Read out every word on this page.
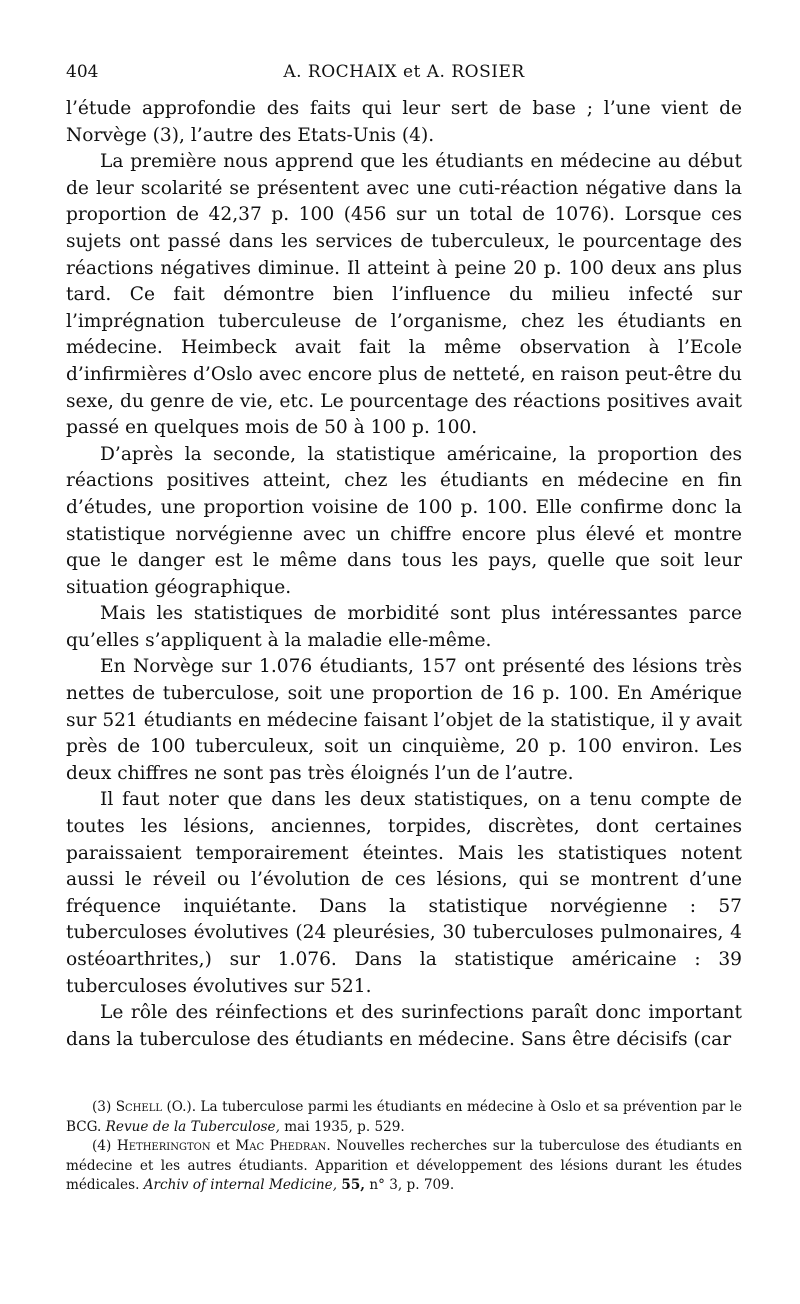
404	A. ROCHAIX et A. ROSIER

l’étude approfondie des faits qui leur sert de base ; l’une vient de Norvège (3), l’autre des Etats-Unis (4).

La première nous apprend que les étudiants en médecine au début de leur scolarité se présentent avec une cuti-réaction négative dans la proportion de 42,37 p. 100 (456 sur un total de 1076). Lorsque ces sujets ont passé dans les services de tuberculeux, le pourcentage des réactions négatives diminue. Il atteint à peine 20 p. 100 deux ans plus tard. Ce fait démontre bien l’influence du milieu infecté sur l’imprégnation tuberculeuse de l’organisme, chez les étudiants en médecine. Heimbeck avait fait la même observation à l’Ecole d’infirmières d’Oslo avec encore plus de netteté, en raison peut-être du sexe, du genre de vie, etc. Le pourcentage des réactions positives avait passé en quelques mois de 50 à 100 p. 100.

D’après la seconde, la statistique américaine, la proportion des réactions positives atteint, chez les étudiants en médecine en fin d’études, une proportion voisine de 100 p. 100. Elle confirme donc la statistique norvégienne avec un chiffre encore plus élevé et montre que le danger est le même dans tous les pays, quelle que soit leur situation géographique.

Mais les statistiques de morbidité sont plus intéressantes parce qu’elles s’appliquent à la maladie elle-même.

En Norvège sur 1.076 étudiants, 157 ont présenté des lésions très nettes de tuberculose, soit une proportion de 16 p. 100. En Amérique sur 521 étudiants en médecine faisant l’objet de la statistique, il y avait près de 100 tuberculeux, soit un cinquième, 20 p. 100 environ. Les deux chiffres ne sont pas très éloignés l’un de l’autre.

Il faut noter que dans les deux statistiques, on a tenu compte de toutes les lésions, anciennes, torpides, discrètes, dont certaines paraissaient temporairement éteintes. Mais les statistiques notent aussi le réveil ou l’évolution de ces lésions, qui se montrent d’une fréquence inquiétante. Dans la statistique norvégienne : 57 tuberculoses évolutives (24 pleurésies, 30 tuberculoses pulmonaires, 4 ostéoarthrites,) sur 1.076. Dans la statistique américaine : 39 tuberculoses évolutives sur 521.

Le rôle des réinfections et des surinfections paraît donc important dans la tuberculose des étudiants en médecine. Sans être décisifs (car

(3) Schell (O.). La tuberculose parmi les étudiants en médecine à Oslo et sa prévention par le BCG. Revue de la Tuberculose, mai 1935, p. 529.

(4) Hetherington et Mac Phedran. Nouvelles recherches sur la tuberculose des étudiants en médecine et les autres étudiants. Apparition et développement des lésions durant les études médicales. Archiv of internal Medicine, 55, n° 3, p. 709.
